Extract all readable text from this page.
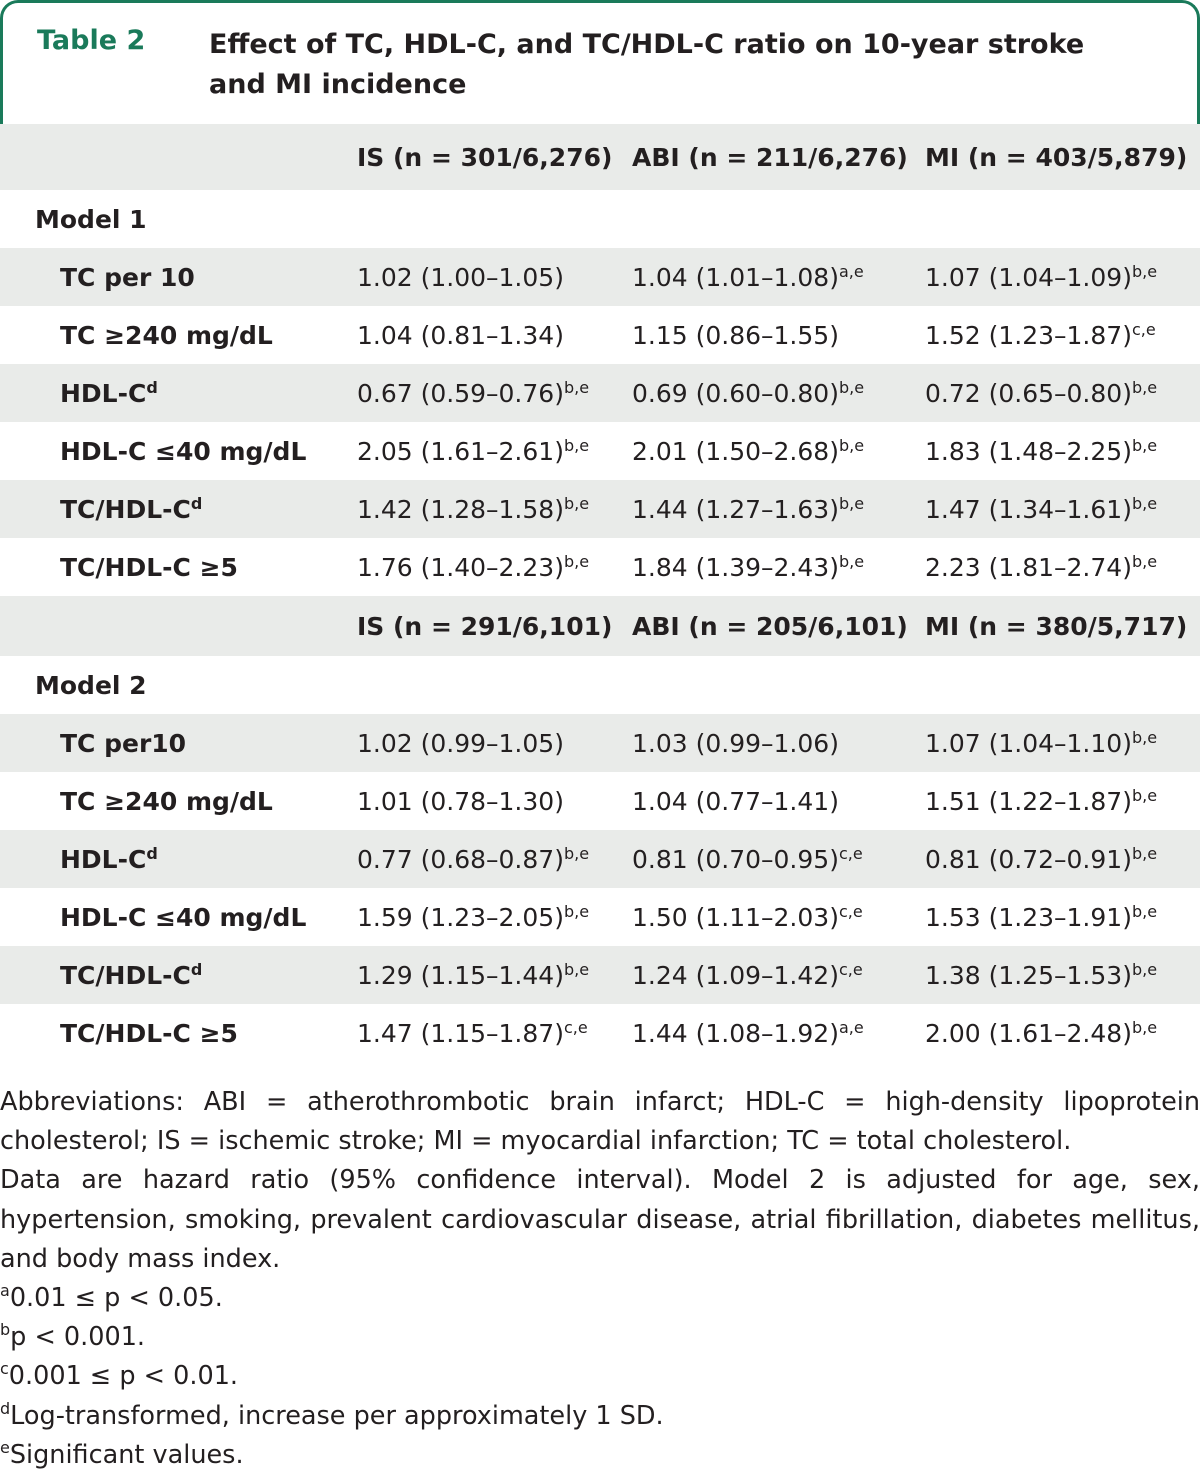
Table 2 Effect of TC, HDL-C, and TC/HDL-C ratio on 10-year stroke and MI incidence
	IS (n = 301/6,276)	ABI (n = 211/6,276)	MI (n = 403/5,879)
Model 1			
TC per 10	1.02 (1.00–1.05)	1.04 $(1.01-1.08)^{a,e}$	1.07 $(1.04-1.09)^{b,e}$
TC ≥240 mg/dL	1.04 (0.81–1.34)	1.15 (0.86–1.55)	1.52 $(1.23-1.87)^{c,e}$
HDL-$C^d$	0.67 $(0.59-0.76)^{b,e}$	0.69 $(0.60-0.80)^{b,e}$	0.72 $(0.65-0.80)^{b,e}$
HDL-C ≤40 mg/dL	2.05 $(1.61-2.61)^{b,e}$	2.01 $(1.50-2.68)^{b,e}$	1.83 $(1.48-2.25)^{b,e}$
$TC/HDL-C^d$	1.42 $(1.28-1.58)^{b,e}$	1.44 $(1.27-1.63)^{b,e}$	1.47 $(1.34-1.61)^{b,e}$
TC/HDL-C ≥5	1.76 $(1.40-2.23)^{b,e}$	1.84 $(1.39-2.43)^{b,e}$	2.23 $(1.81-2.74)^{b,e}$
	IS (n = 291/6,101)	ABI (n = 205/6,101)	MI (n = 380/5,717)
Model 2			
TC per10	1.02 (0.99–1.05)	1.03 (0.99–1.06)	1.07 $(1.04-1.10)^{b,e}$
TC ≥240 mg/dL	1.01 (0.78–1.30)	1.04 (0.77–1.41)	1.51 $(1.22-1.87)^{b,e}$
HDL-$C^d$	0.77 $(0.68-0.87)^{b,e}$	0.81 $(0.70-0.95)^{c,e}$	0.81 $(0.72-0.91)^{b,e}$
HDL-C ≤40 mg/dL	1.59 $(1.23-2.05)^{b,e}$	1.50 $(1.11-2.03)^{c,e}$	1.53 $(1.23-1.91)^{b,e}$
$TC/HDL-C^d$	1.29 $(1.15-1.44)^{b,e}$	1.24 $(1.09-1.42)^{c,e}$	1.38 $(1.25-1.53)^{b,e}$
TC/HDL-C ≥5	1.47 $(1.15-1.87)^{c,e}$	1.44 $(1.08-1.92)^{a,e}$	2.00 $(1.61-2.48)^{b,e}$

Abbreviations: ABI = atherothrombotic brain infarct; HDL-C = high-density lipoprotein cholesterol; IS = ischemic stroke; MI = myocardial infarction; TC = total cholesterol.

Data are hazard ratio (95% confidence interval). Model 2 is adjusted for age, sex, hypertension, smoking, prevalent cardiovascular disease, atrial fibrillation, diabetes mellitus, and body mass index.

$^a$0.01 ≤ p < 0.05.

$^b$p < 0.001.

$^c$0.001 ≤ p < 0.01.

$^d$Log-transformed, increase per approximately 1 SD.

$^e$Significant values.
